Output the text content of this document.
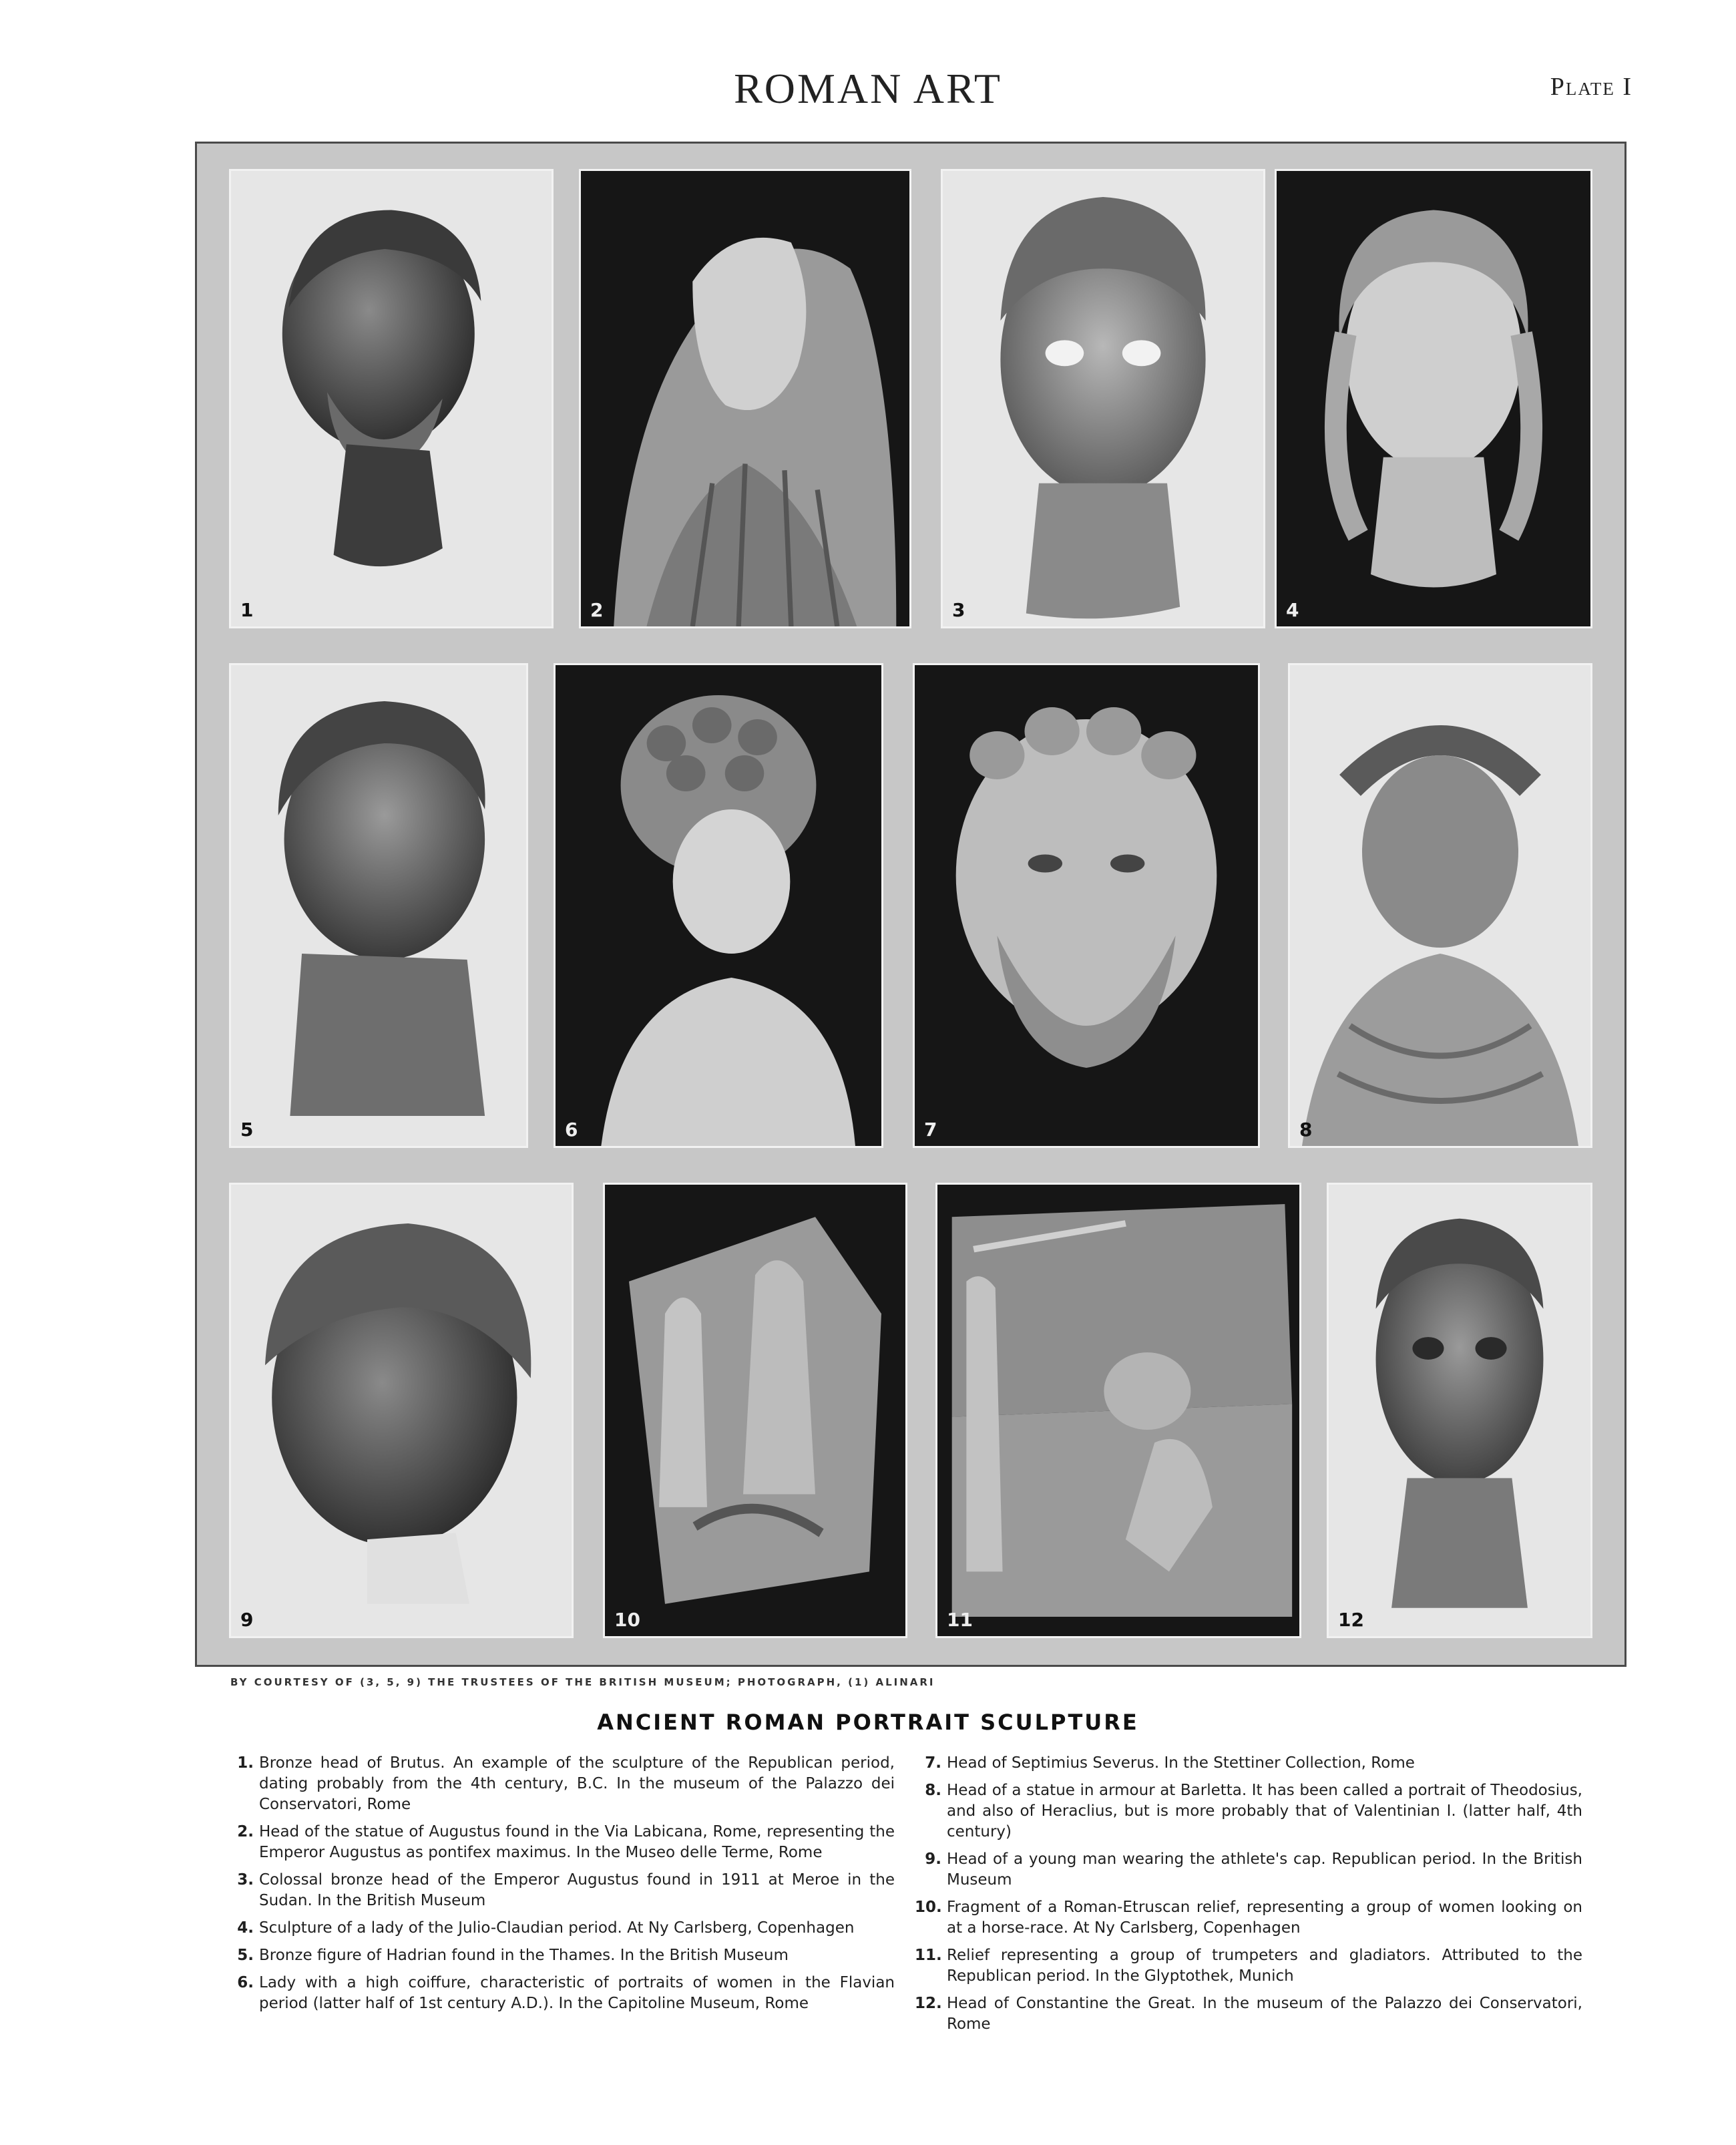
ROMAN ART	Plate I
1	2	3	4
5	6	7	8
9	10	11	12
BY COURTESY OF (3, 5, 9) THE TRUSTEES OF THE BRITISH MUSEUM; PHOTOGRAPH, (1) ALINARI
ANCIENT ROMAN PORTRAIT SCULPTURE
1. Bronze head of Brutus. An example of the sculpture of the Republican period, dating probably from the 4th century, B.C. In the museum of the Palazzo dei Conservatori, Rome
2. Head of the statue of Augustus found in the Via Labicana, Rome, representing the Emperor Augustus as pontifex maximus. In the Museo delle Terme, Rome
3. Colossal bronze head of the Emperor Augustus found in 1911 at Meroe in the Sudan. In the British Museum
4. Sculpture of a lady of the Julio-Claudian period. At Ny Carlsberg, Copenhagen
5. Bronze figure of Hadrian found in the Thames. In the British Museum
6. Lady with a high coiffure, characteristic of portraits of women in the Flavian period (latter half of 1st century A.D.). In the Capitoline Museum, Rome
7. Head of Septimius Severus. In the Stettiner Collection, Rome
8. Head of a statue in armour at Barletta. It has been called a portrait of Theodosius, and also of Heraclius, but is more probably that of Valentinian I. (latter half, 4th century)
9. Head of a young man wearing the athlete's cap. Republican period. In the British Museum
10. Fragment of a Roman-Etruscan relief, representing a group of women looking on at a horse-race. At Ny Carlsberg, Copenhagen
11. Relief representing a group of trumpeters and gladiators. Attributed to the Republican period. In the Glyptothek, Munich
12. Head of Constantine the Great. In the museum of the Palazzo dei Conservatori, Rome
